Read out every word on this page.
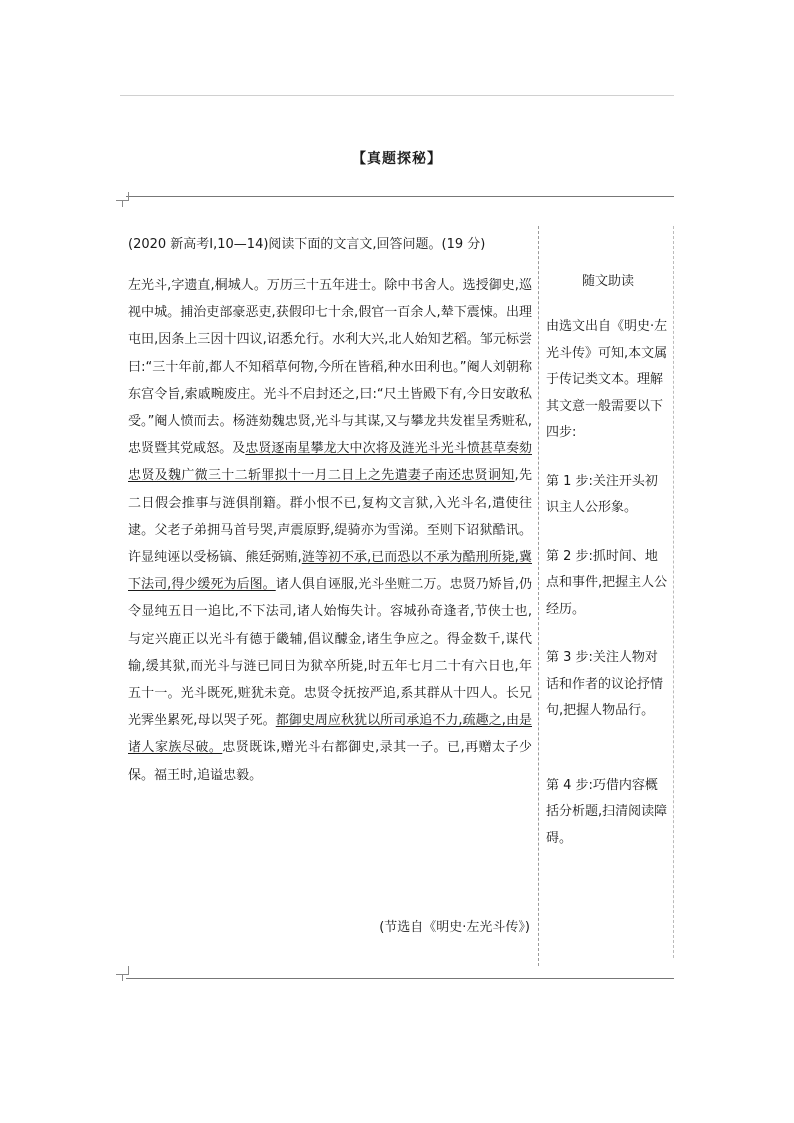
【真题探秘】
(2020 新高考Ⅰ,10—14)阅读下面的文言文,回答问题。(19 分)
左光斗,字遗直,桐城人。万历三十五年进士。除中书舍人。选授御史,巡视中城。捕治吏部豪恶吏,获假印七十余,假官一百余人,辇下震悚。出理屯田,因条上三因十四议,诏悉允行。水利大兴,北人始知艺稻。邹元标尝曰:“三十年前,都人不知稻草何物,今所在皆稻,种水田利也。”阉人刘朝称东宫令旨,索戚畹废庄。光斗不启封还之,曰:“尺土皆殿下有,今日安敢私受。”阉人愤而去。杨涟劾魏忠贤,光斗与其谋,又与攀龙共发崔呈秀赃私,忠贤暨其党咸怒。及忠贤逐南星攀龙大中次将及涟光斗光斗愤甚草奏劾忠贤及魏广微三十二斩罪拟十一月二日上之先遣妻子南还忠贤诇知,先二日假会推事与涟俱削籍。群小恨不已,复构文言狱,入光斗名,遣使往逮。父老子弟拥马首号哭,声震原野,缇骑亦为雪涕。至则下诏狱酷讯。许显纯诬以受杨镐、熊廷弼贿,涟等初不承,已而恐以不承为酷刑所毙,冀下法司,得少缓死为后图。诸人俱自诬服,光斗坐赃二万。忠贤乃矫旨,仍令显纯五日一追比,不下法司,诸人始悔失计。容城孙奇逢者,节侠士也,与定兴鹿正以光斗有德于畿辅,倡议醵金,诸生争应之。得金数千,谋代输,缓其狱,而光斗与涟已同日为狱卒所毙,时五年七月二十有六日也,年五十一。光斗既死,赃犹未竟。忠贤令抚按严追,系其群从十四人。长兄光霁坐累死,母以哭子死。都御史周应秋犹以所司承追不力,疏趣之,由是诸人家族尽破。忠贤既诛,赠光斗右都御史,录其一子。已,再赠太子少保。福王时,追谥忠毅。
(节选自《明史·左光斗传》)
随文助读

由选文出自《明史·左光斗传》可知,本文属于传记类文本。理解其文意一般需要以下四步:

第 1 步:关注开头初识主人公形象。

第 2 步:抓时间、地点和事件,把握主人公经历。

第 3 步:关注人物对话和作者的议论抒情句,把握人物品行。

第 4 步:巧借内容概括分析题,扫清阅读障碍。
